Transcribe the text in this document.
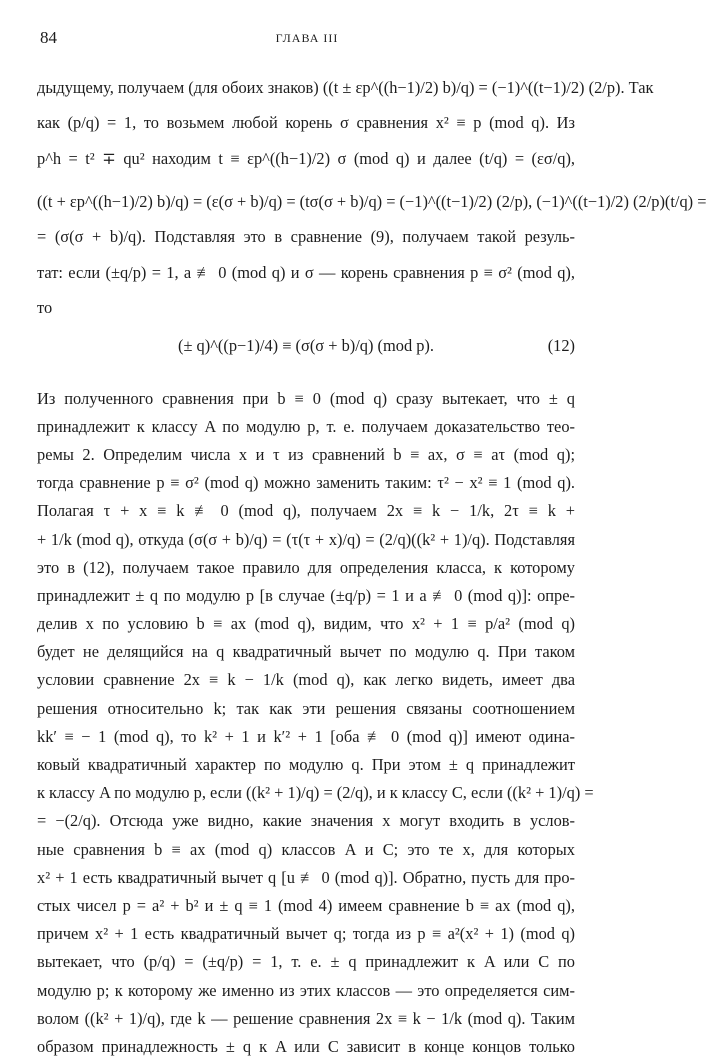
84	ГЛАВА III
дыдущему, получаем (для обоих знаков) ((t ± εp^((h−1)/2) b)/q) = (−1)^((t−1)/2) (2/p). Так
как (p/q) = 1, то возьмем любой корень σ сравнения x² ≡ p (mod q). Из
p^h = t² ∓ qu² находим t ≡ εp^((h−1)/2) σ (mod q) и далее (t/q) = (εσ/q),
((t + εp^((h−1)/2) b)/q) = (ε(σ + b)/q) = (tσ(σ + b)/q) = (−1)^((t−1)/2) (2/p), (−1)^((t−1)/2) (2/p)(t/q) =
= (σ(σ + b)/q). Подставляя это в сравнение (9), получаем такой резуль-
тат: если (±q/p) = 1, a ≢ 0 (mod q) и σ — корень сравнения p ≡ σ² (mod q),
то
(± q)^((p−1)/4) ≡ (σ(σ + b)/q) (mod p).	(12)
Из полученного сравнения при b ≡ 0 (mod q) сразу вытекает, что ± q
принадлежит к классу A по модулю p, т. е. получаем доказательство тео-
ремы 2. Определим числа x и τ из сравнений b ≡ ax, σ ≡ aτ (mod q);
тогда сравнение p ≡ σ² (mod q) можно заменить таким: τ² − x² ≡ 1 (mod q).
Полагая τ + x ≡ k ≢ 0 (mod q), получаем 2x ≡ k − 1/k, 2τ ≡ k +
+ 1/k (mod q), откуда (σ(σ + b)/q) = (τ(τ + x)/q) = (2/q)((k² + 1)/q). Подставляя
это в (12), получаем такое правило для определения класса, к которому
принадлежит ± q по модулю p [в случае (±q/p) = 1 и a ≢ 0 (mod q)]: опре-
делив x по условию b ≡ ax (mod q), видим, что x² + 1 ≡ p/a² (mod q)
будет не делящийся на q квадратичный вычет по модулю q. При таком
условии сравнение 2x ≡ k − 1/k (mod q), как легко видеть, имеет два
решения относительно k; так как эти решения связаны соотношением
kk′ ≡ − 1 (mod q), то k² + 1 и k′² + 1 [оба ≢ 0 (mod q)] имеют одина-
ковый квадратичный характер по модулю q. При этом ± q принадлежит
к классу A по модулю p, если ((k² + 1)/q) = (2/q), и к классу C, если ((k² + 1)/q) =
= −(2/q). Отсюда уже видно, какие значения x могут входить в услов-
ные сравнения b ≡ ax (mod q) классов A и C; это те x, для которых
x² + 1 есть квадратичный вычет q [u ≢ 0 (mod q)]. Обратно, пусть для про-
стых чисел p = a² + b² и ± q ≡ 1 (mod 4) имеем сравнение b ≡ ax (mod q),
причем x² + 1 есть квадратичный вычет q; тогда из p ≡ a²(x² + 1) (mod q)
вытекает, что (p/q) = (±q/p) = 1, т. е. ± q принадлежит к A или C по
модулю p; к которому же именно из этих классов — это определяется сим-
волом ((k² + 1)/q), где k — решение сравнения 2x ≡ k − 1/k (mod q). Таким
образом принадлежность ± q к A или C зависит в конце концов только
